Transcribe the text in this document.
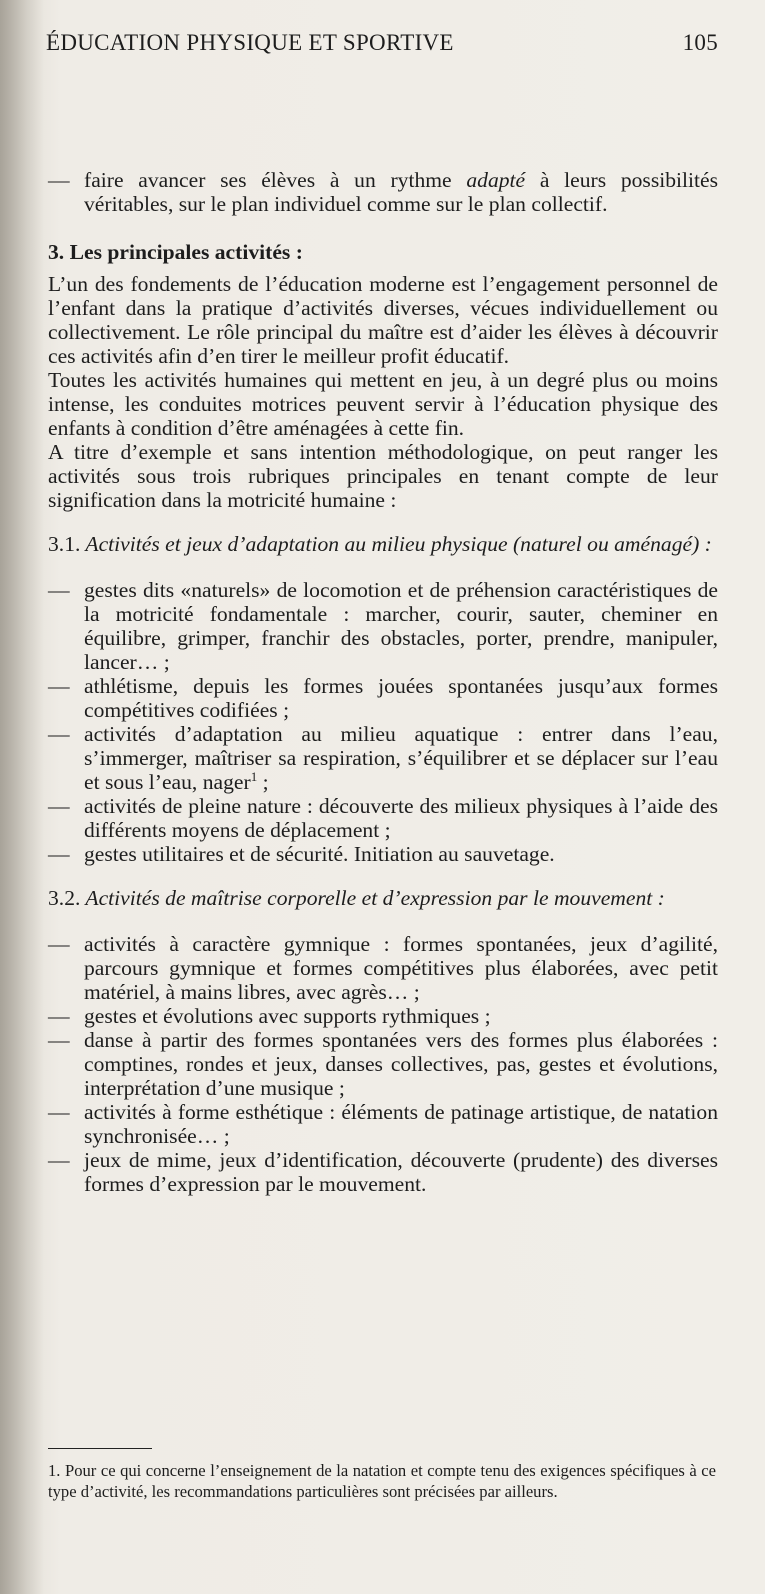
ÉDUCATION PHYSIQUE ET SPORTIVE	105
— faire avancer ses élèves à un rythme adapté à leurs possibilités véritables, sur le plan individuel comme sur le plan collectif.
3. Les principales activités :

L’un des fondements de l’éducation moderne est l’engagement personnel de l’enfant dans la pratique d’activités diverses, vécues individuellement ou collectivement. Le rôle principal du maître est d’aider les élèves à découvrir ces activités afin d’en tirer le meilleur profit éducatif.

Toutes les activités humaines qui mettent en jeu, à un degré plus ou moins intense, les conduites motrices peuvent servir à l’éducation physique des enfants à condition d’être aménagées à cette fin.

A titre d’exemple et sans intention méthodologique, on peut ranger les activités sous trois rubriques principales en tenant compte de leur signification dans la motricité humaine :

3.1. Activités et jeux d’adaptation au milieu physique (naturel ou aménagé) :
— gestes dits «naturels» de locomotion et de préhension caractéristiques de la motricité fondamentale : marcher, courir, sauter, cheminer en équilibre, grimper, franchir des obstacles, porter, prendre, manipuler, lancer… ;
— athlétisme, depuis les formes jouées spontanées jusqu’aux formes compétitives codifiées ;
— activités d’adaptation au milieu aquatique : entrer dans l’eau, s’immerger, maîtriser sa respiration, s’équilibrer et se déplacer sur l’eau et sous l’eau, nager$^1$ ;
— activités de pleine nature : découverte des milieux physiques à l’aide des différents moyens de déplacement ;
— gestes utilitaires et de sécurité. Initiation au sauvetage.
3.2. Activités de maîtrise corporelle et d’expression par le mouvement :
— activités à caractère gymnique : formes spontanées, jeux d’agilité, parcours gymnique et formes compétitives plus élaborées, avec petit matériel, à mains libres, avec agrès… ;
— gestes et évolutions avec supports rythmiques ;
— danse à partir des formes spontanées vers des formes plus élaborées : comptines, rondes et jeux, danses collectives, pas, gestes et évolutions, interprétation d’une musique ;
— activités à forme esthétique : éléments de patinage artistique, de natation synchronisée… ;
— jeux de mime, jeux d’identification, découverte (prudente) des diverses formes d’expression par le mouvement.
1. Pour ce qui concerne l’enseignement de la natation et compte tenu des exigences spécifiques à ce type d’activité, les recommandations particulières sont précisées par ailleurs.
